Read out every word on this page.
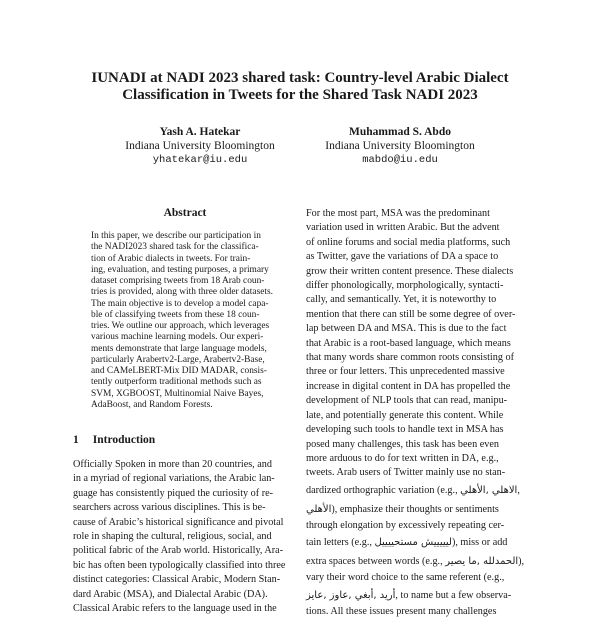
IUNADI at NADI 2023 shared task: Country-level Arabic Dialect
Classification in Tweets for the Shared Task NADI 2023
Yash A. Hatekar
Indiana University Bloomington
yhatekar@iu.edu
Muhammad S. Abdo
Indiana University Bloomington
mabdo@iu.edu
Abstract
In this paper, we describe our participation in
the NADI2023 shared task for the classifica-
tion of Arabic dialects in tweets. For train-
ing, evaluation, and testing purposes, a primary
dataset comprising tweets from 18 Arab coun-
tries is provided, along with three older datasets.
The main objective is to develop a model capa-
ble of classifying tweets from these 18 coun-
tries. We outline our approach, which leverages
various machine learning models. Our experi-
ments demonstrate that large language models,
particularly Arabertv2-Large, Arabertv2-Base,
and CAMeLBERT-Mix DID MADAR, consis-
tently outperform traditional methods such as
SVM, XGBOOST, Multinomial Naive Bayes,
AdaBoost, and Random Forests.
1 Introduction
Officially Spoken in more than 20 countries, and
in a myriad of regional variations, the Arabic lan-
guage has consistently piqued the curiosity of re-
searchers across various disciplines. This is be-
cause of Arabic’s historical significance and pivotal
role in shaping the cultural, religious, social, and
political fabric of the Arab world. Historically, Ara-
bic has often been typologically classified into three
distinct categories: Classical Arabic, Modern Stan-
dard Arabic (MSA), and Dialectal Arabic (DA).
Classical Arabic refers to the language used in the
For the most part, MSA was the predominant
variation used in written Arabic. But the advent
of online forums and social media platforms, such
as Twitter, gave the variations of DA a space to
grow their written content presence. These dialects
differ phonologically, morphologically, syntacti-
cally, and semantically. Yet, it is noteworthy to
mention that there can still be some degree of over-
lap between DA and MSA. This is due to the fact
that Arabic is a root-based language, which means
that many words share common roots consisting of
three or four letters. This unprecedented massive
increase in digital content in DA has propelled the
development of NLP tools that can read, manipu-
late, and potentially generate this content. While
developing such tools to handle text in MSA has
posed many challenges, this task has been even
more arduous to do for text written in DA, e.g.,
tweets. Arab users of Twitter mainly use no stan-
dardized orthographic variation (e.g., الاهلي ,الأهلي,
الأهلي), emphasize their thoughts or sentiments
through elongation by excessively repeating cer-
tain letters (e.g., ليييييش مستحييييل), miss or add
extra spaces between words (e.g., الحمدلله ,ما يصير),
vary their word choice to the same referent (e.g.,
أريد ,أبغي ,عاوز ,عايز, to name but a few observa-
tions. All these issues present many challenges
